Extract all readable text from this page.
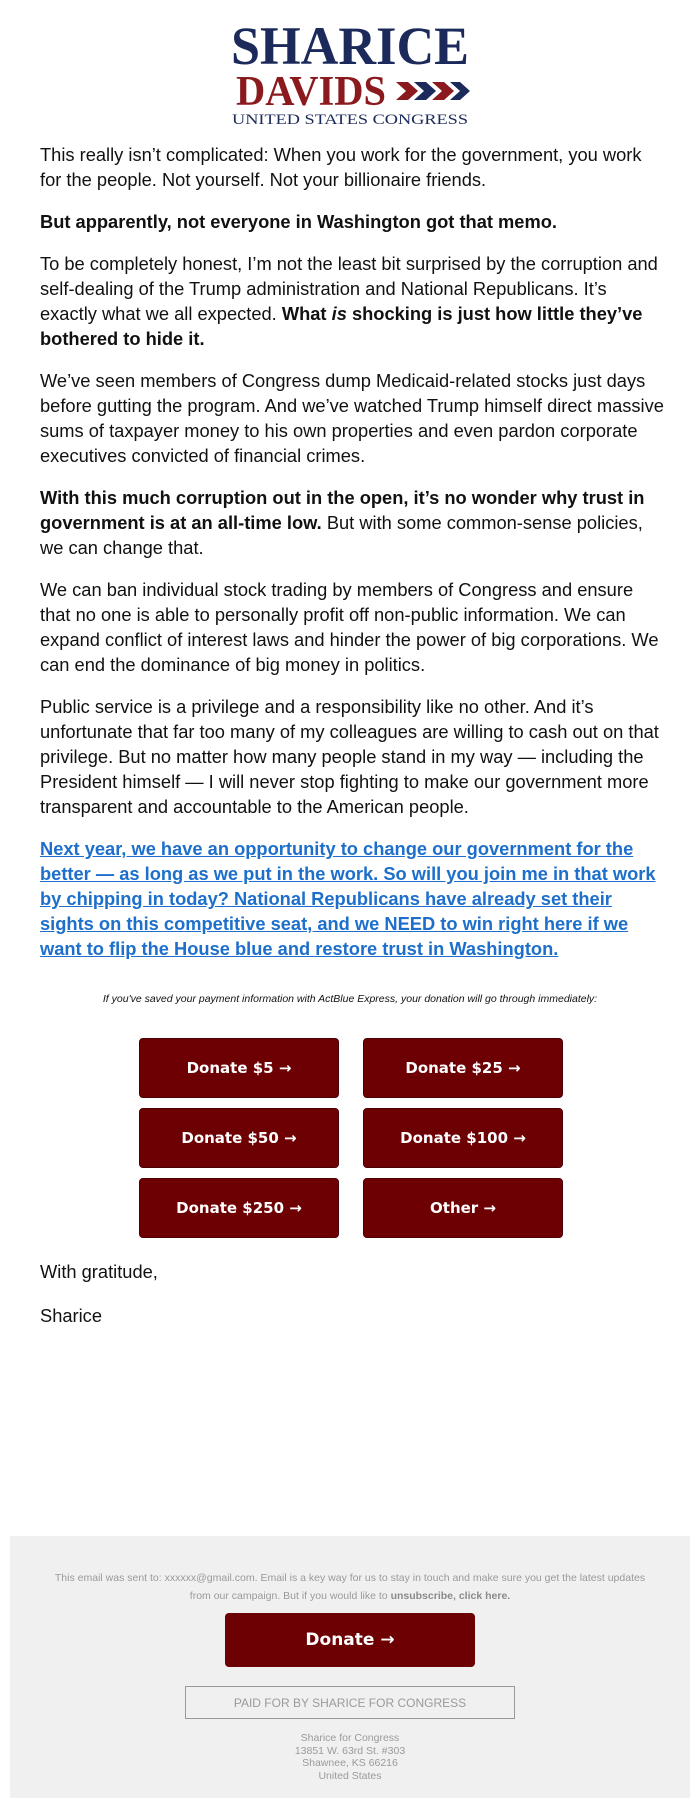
SHARICE
DAVIDS
UNITED STATES CONGRESS

This really isn’t complicated: When you work for the government, you work for the people. Not yourself. Not your billionaire friends.

But apparently, not everyone in Washington got that memo.

To be completely honest, I’m not the least bit surprised by the corruption and self-dealing of the Trump administration and National Republicans. It’s exactly what we all expected. What is shocking is just how little they’ve bothered to hide it.

We’ve seen members of Congress dump Medicaid-related stocks just days before gutting the program. And we’ve watched Trump himself direct massive sums of taxpayer money to his own properties and even pardon corporate executives convicted of financial crimes.

With this much corruption out in the open, it’s no wonder why trust in government is at an all-time low. But with some common-sense policies, we can change that.

We can ban individual stock trading by members of Congress and ensure that no one is able to personally profit off non-public information. We can expand conflict of interest laws and hinder the power of big corporations. We can end the dominance of big money in politics.

Public service is a privilege and a responsibility like no other. And it’s unfortunate that far too many of my colleagues are willing to cash out on that privilege. But no matter how many people stand in my way — including the President himself — I will never stop fighting to make our government more transparent and accountable to the American people.

Next year, we have an opportunity to change our government for the better — as long as we put in the work. So will you join me in that work by chipping in today? National Republicans have already set their sights on this competitive seat, and we NEED to win right here if we want to flip the House blue and restore trust in Washington.

If you've saved your payment information with ActBlue Express, your donation will go through immediately:
Donate $5 →	Donate $25 →
Donate $50 →	Donate $100 →
Donate $250 →	Other →
With gratitude,
Sharice
This email was sent to: xxxxxx@gmail.com. Email is a key way for us to stay in touch and make sure you get the latest updates from our campaign. But if you would like to unsubscribe, click here.
Donate →
PAID FOR BY SHARICE FOR CONGRESS
Sharice for Congress
13851 W. 63rd St. #303
Shawnee, KS 66216
United States
